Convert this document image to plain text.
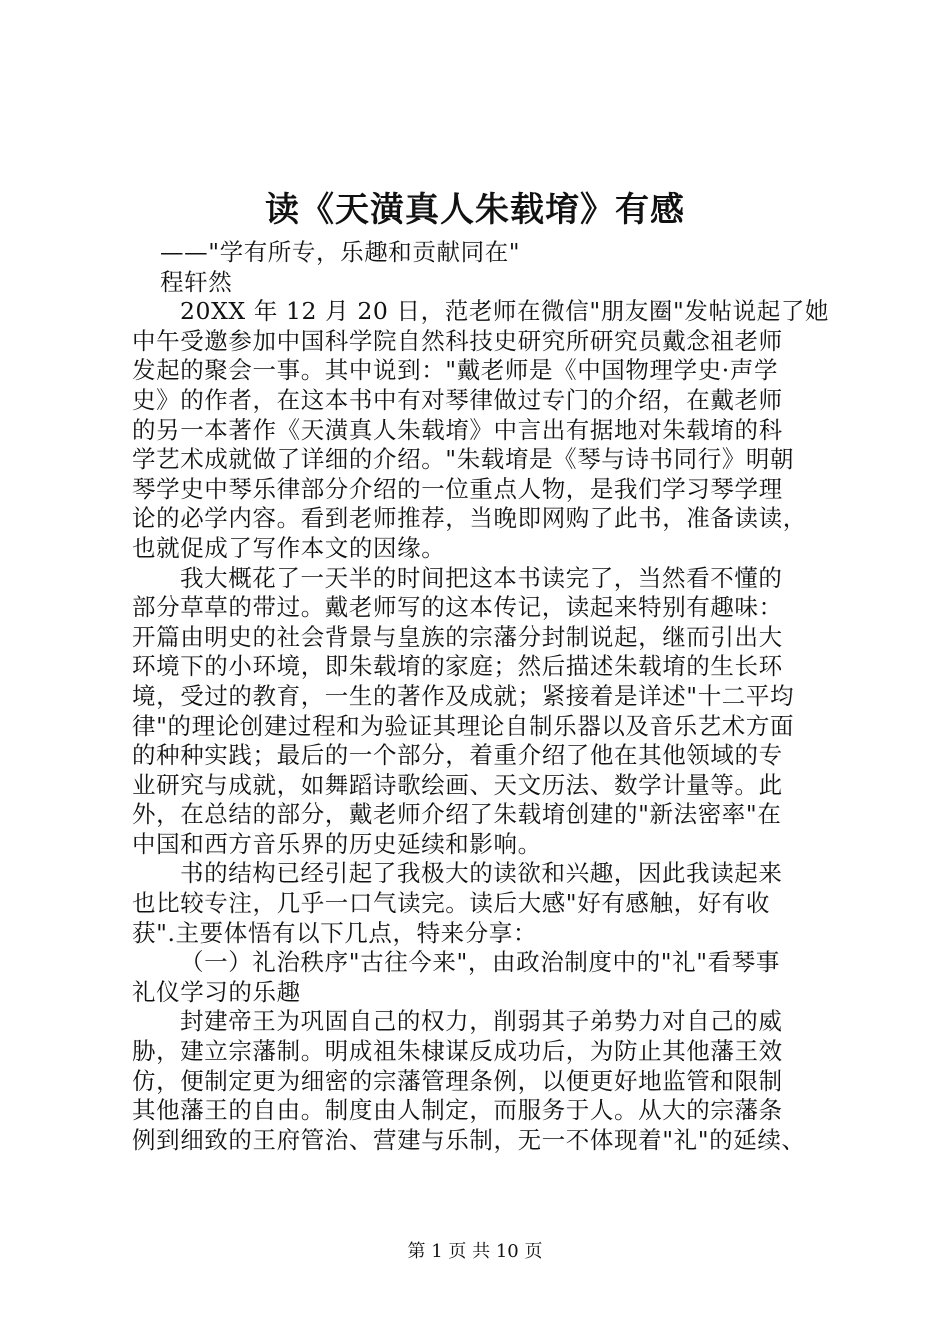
读《天潢真人朱载堉》有感
——"学有所专，乐趣和贡献同在"
程轩然
20XX 年 12 月 20 日，范老师在微信"朋友圈"发帖说起了她
中午受邀参加中国科学院自然科技史研究所研究员戴念祖老师
发起的聚会一事。其中说到："戴老师是《中国物理学史·声学
史》的作者，在这本书中有对琴律做过专门的介绍，在戴老师
的另一本著作《天潢真人朱载堉》中言出有据地对朱载堉的科
学艺术成就做了详细的介绍。"朱载堉是《琴与诗书同行》明朝
琴学史中琴乐律部分介绍的一位重点人物，是我们学习琴学理
论的必学内容。看到老师推荐，当晚即网购了此书，准备读读，
也就促成了写作本文的因缘。
我大概花了一天半的时间把这本书读完了，当然看不懂的
部分草草的带过。戴老师写的这本传记，读起来特别有趣味：
开篇由明史的社会背景与皇族的宗藩分封制说起，继而引出大
环境下的小环境，即朱载堉的家庭；然后描述朱载堉的生长环
境，受过的教育，一生的著作及成就；紧接着是详述"十二平均
律"的理论创建过程和为验证其理论自制乐器以及音乐艺术方面
的种种实践；最后的一个部分，着重介绍了他在其他领域的专
业研究与成就，如舞蹈诗歌绘画、天文历法、数学计量等。此
外，在总结的部分，戴老师介绍了朱载堉创建的"新法密率"在
中国和西方音乐界的历史延续和影响。
书的结构已经引起了我极大的读欲和兴趣，因此我读起来
也比较专注，几乎一口气读完。读后大感"好有感触，好有收
获".主要体悟有以下几点，特来分享：
（一）礼治秩序"古往今来"，由政治制度中的"礼"看琴事
礼仪学习的乐趣
封建帝王为巩固自己的权力，削弱其子弟势力对自己的威
胁，建立宗藩制。明成祖朱棣谋反成功后，为防止其他藩王效
仿，便制定更为细密的宗藩管理条例，以便更好地监管和限制
其他藩王的自由。制度由人制定，而服务于人。从大的宗藩条
例到细致的王府管治、营建与乐制，无一不体现着"礼"的延续、
第 1 页 共 10 页
